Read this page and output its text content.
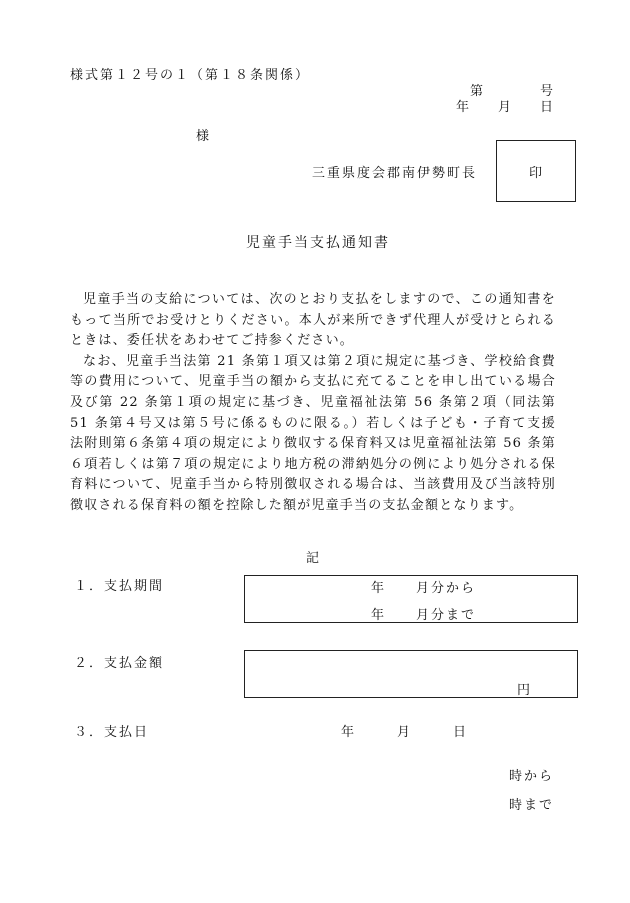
様式第１２号の１（第１８条関係）
第　　　　号
年　　月　　日
様
三重県度会郡南伊勢町長	印
児童手当支払通知書

児童手当の支給については、次のとおり支払をしますので、この通知書をもって当所でお受けとりください。本人が来所できず代理人が受けとられるときは、委任状をあわせてご持参ください。

なお、児童手当法第 21 条第１項又は第２項に規定に基づき、学校給食費等の費用について、児童手当の額から支払に充てることを申し出ている場合及び第 22 条第１項の規定に基づき、児童福祉法第 56 条第２項（同法第 51 条第４号又は第５号に係るものに限る。）若しくは子ども・子育て支援法附則第６条第４項の規定により徴収する保育料又は児童福祉法第 56 条第６項若しくは第７項の規定により地方税の滞納処分の例により処分される保育料について、児童手当から特別徴収される場合は、当該費用及び当該特別徴収される保育料の額を控除した額が児童手当の支払金額となります。

記
１．支払期間	年　　月分から
年　　月分まで
２．支払金額
円
３．支払日	年　　　月　　　日
時から
時まで
